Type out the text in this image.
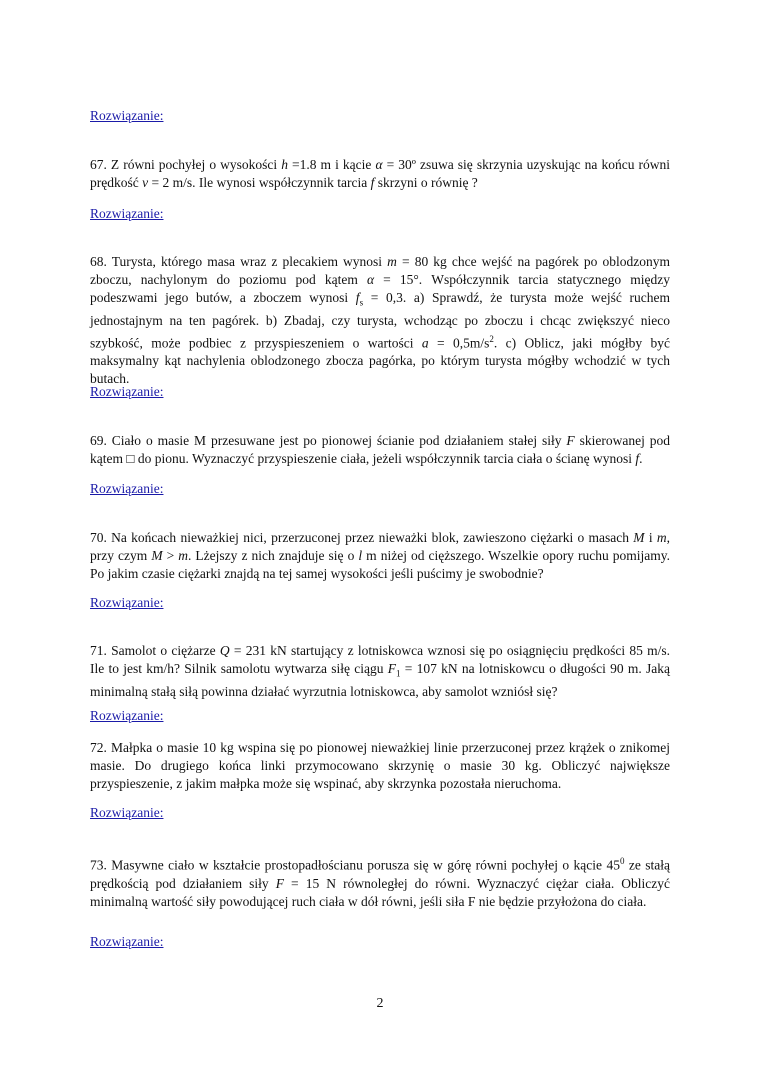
Rozwiązanie:

67. Z równi pochyłej o wysokości h =1.8 m i kącie α = 30º zsuwa się skrzynia uzyskując na końcu równi prędkość v = 2 m/s. Ile wynosi współczynnik tarcia f skrzyni o równię ?

Rozwiązanie:

68. Turysta, którego masa wraz z plecakiem wynosi m = 80 kg chce wejść na pagórek po oblodzonym zboczu, nachylonym do poziomu pod kątem α = 15°. Współczynnik tarcia statycznego między podeszwami jego butów, a zboczem wynosi $f_s = 0,3$. a) Sprawdź, że turysta może wejść ruchem jednostajnym na ten pagórek. b) Zbadaj, czy turysta, wchodząc po zboczu i chcąc zwiększyć nieco szybkość, może podbiec z przyspieszeniem o wartości $a = 0,5m/s^2$. c) Oblicz, jaki mógłby być maksymalny kąt nachylenia oblodzonego zbocza pagórka, po którym turysta mógłby wchodzić w tych butach.

Rozwiązanie:

69. Ciało o masie M przesuwane jest po pionowej ścianie pod działaniem stałej siły F skierowanej pod kątem □ do pionu. Wyznaczyć przyspieszenie ciała, jeżeli współczynnik tarcia ciała o ścianę wynosi f.

Rozwiązanie:

70. Na końcach nieważkiej nici, przerzuconej przez nieważki blok, zawieszono ciężarki o masach M i m, przy czym M > m. Lżejszy z nich znajduje się o l m niżej od cięższego. Wszelkie opory ruchu pomijamy. Po jakim czasie ciężarki znajdą na tej samej wysokości jeśli puścimy je swobodnie?

Rozwiązanie:

71. Samolot o ciężarze Q = 231 kN startujący z lotniskowca wznosi się po osiągnięciu prędkości 85 m/s. Ile to jest km/h? Silnik samolotu wytwarza siłę ciągu $F_1 = 107$ kN na lotniskowcu o długości 90 m. Jaką minimalną stałą siłą powinna działać wyrzutnia lotniskowca, aby samolot wzniósł się?

Rozwiązanie:

72. Małpka o masie 10 kg wspina się po pionowej nieważkiej linie przerzuconej przez krążek o znikomej masie. Do drugiego końca linki przymocowano skrzynię o masie 30 kg. Obliczyć największe przyspieszenie, z jakim małpka może się wspinać, aby skrzynka pozostała nieruchoma.

Rozwiązanie:

73. Masywne ciało w kształcie prostopadłościanu porusza się w górę równi pochyłej o kącie $45^0$ ze stałą prędkością pod działaniem siły F = 15 N równoległej do równi. Wyznaczyć ciężar ciała. Obliczyć minimalną wartość siły powodującej ruch ciała w dół równi, jeśli siła F nie będzie przyłożona do ciała.

Rozwiązanie:
2
